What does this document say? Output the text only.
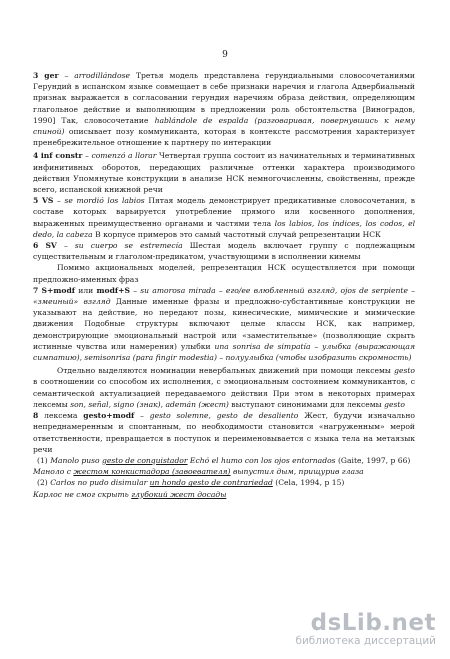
9

3 ger – arrodillándose Третья модель представлена герундиальными словосочетаниями Герундий в испанском языке совмещает в себе признаки наречия и глагола Адвербиальный признак выражается в согласовании герундия наречиям образа действия, определяющим глагольное действие и выполняющим в предложении роль обстоятельства [Виноградов, 1990] Так, словосочетание hablándole de espalda (разговаривая, повернувшись к нему спиной) описывает позу коммуниканта, которая в контексте рассмотрения характеризует пренебрежительное отношение к партнеру по интеракции

4 inf constr – comenzó a llorar Четвертая группа состоит из начинательных и терминативных инфинитивных оборотов, передающих различные оттенки характера производимого действия Упомянутые конструкции в анализе НСК немногочисленны, свойственны, прежде всего, испанской книжной речи

5 VS – se mordió los labios Пятая модель демонстрирует предикативные словосочетания, в составе которых варьируется употребление прямого или косвенного дополнения, выраженных преимущественно органами и частями тела los labios, los índices, los codos, el dedo, la cabeza В корпусе примеров это самый частотный случай репрезентации НСК

6 SV – su cuerpo se estremecía Шестая модель включает группу с подлежащным существительным и глаголом-предикатом, участвующими в исполнении кинемы

Помимо акциональных моделей, репрезентация НСК осуществляется при помощи предложно-именных фраз

7 S+modf или modf+S – su amorosa mirada – его/ее влюбленный взгляд, ojos de serpiente – «змеиный» взгляд Данные именные фразы и предложно-субстантивные конструкции не указывают на действие, но передают позы, кинесические, мимические и мимические движения Подобные структуры включают целые классы НСК, как например, демонстрирующие эмоциональный настрой или «заместительные» (позволяющие скрыть истинные чувства или намерения) улыбки una sonrisa de simpatía – улыбка (выражающая симпатию), semisonrisa (para fingir modestia) – полуулыбка (чтобы изобразить скромность)

Отдельно выделяются номинации невербальных движений при помощи лексемы gesto в соотношении со способом их исполнения, с эмоциональным состоянием коммуникантов, с семантической актуализацией передаваемого действия При этом в некоторых примерах лексемы son, señal, signo (знак), ademán (жест) выступают синонимами для лексемы gesto

8 лексема gesto+modf – gesto solemne, gesto de desaliento Жест, будучи изначально непреднамеренным и спонтанным, по необходимости становится «нагруженным» мерой ответственности, превращается в поступок и переименовывается с языка тела на метаязык речи

(1) Manolo puso gesto de conquistador Echó el humo con los ojos entornados (Gaite, 1997, p 66)

Маноло с жестом конкистадора (завоевателя) выпустил дым, прищурив глаза

(2) Carlos no pudo disimular un hondo gesto de contrariedad (Cela, 1994, p 15)

Карлос не смог скрыть глубокий жест досады

dsLib.net
библиотека диссертаций
